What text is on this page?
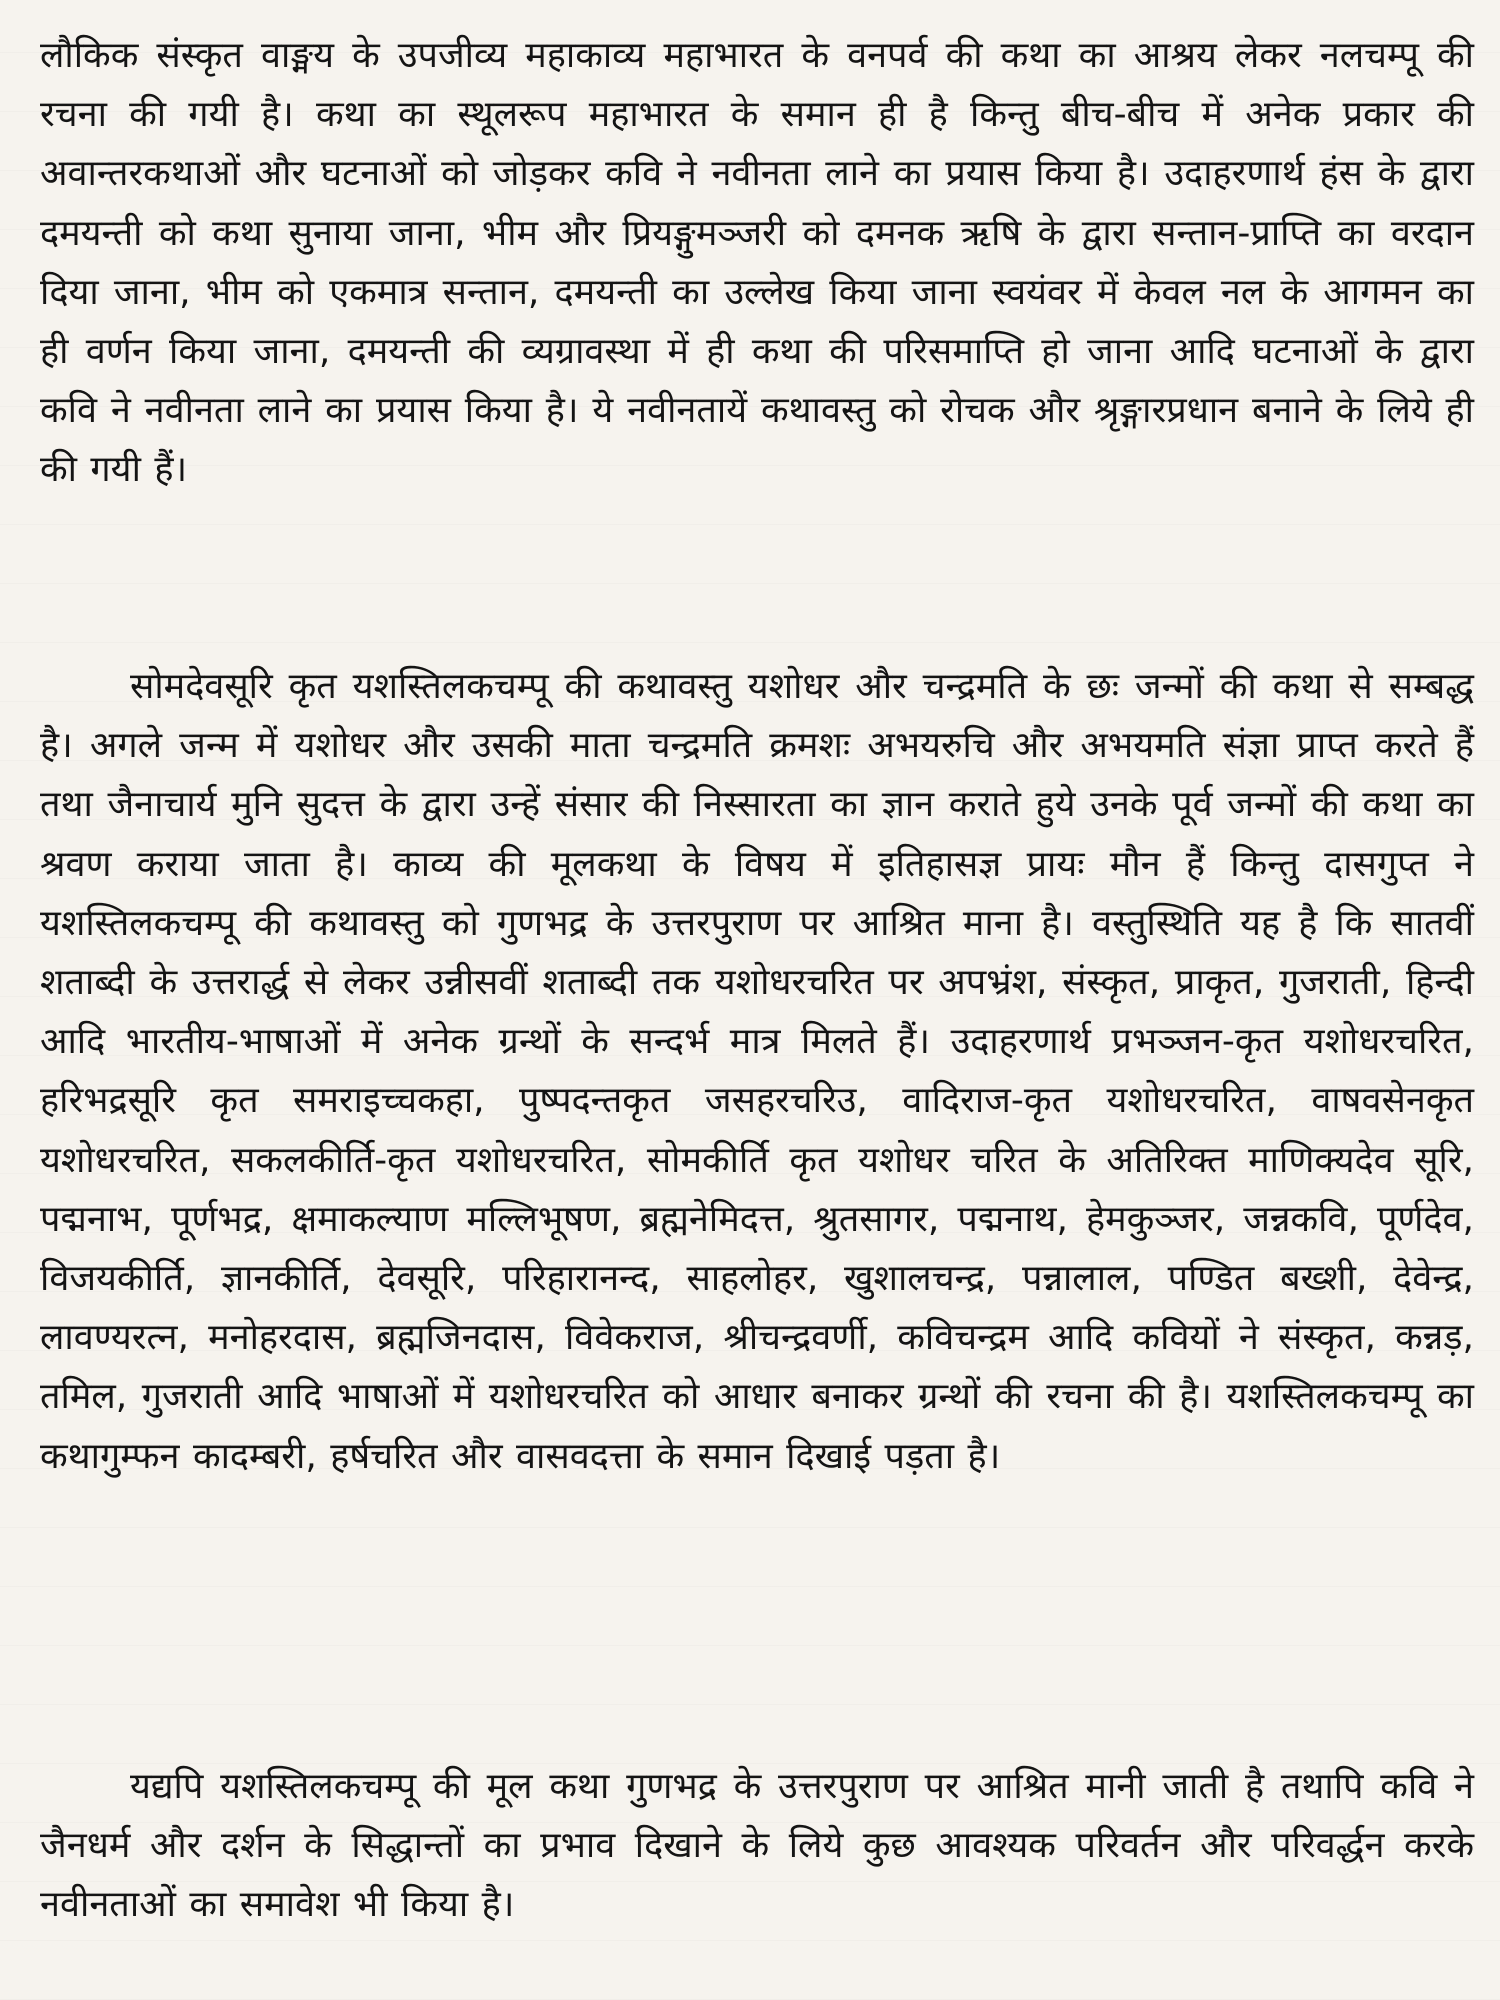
लौकिक संस्कृत वाङ्मय के उपजीव्य महाकाव्य महाभारत के वनपर्व की कथा का आश्रय लेकर नलचम्पू की रचना की गयी है। कथा का स्थूलरूप महाभारत के समान ही है किन्तु बीच-बीच में अनेक प्रकार की अवान्तरकथाओं और घटनाओं को जोड़कर कवि ने नवीनता लाने का प्रयास किया है। उदाहरणार्थ हंस के द्वारा दमयन्ती को कथा सुनाया जाना, भीम और प्रियङ्गुमञ्जरी को दमनक ऋषि के द्वारा सन्तान-प्राप्ति का वरदान दिया जाना, भीम को एकमात्र सन्तान, दमयन्ती का उल्लेख किया जाना स्वयंवर में केवल नल के आगमन का ही वर्णन किया जाना, दमयन्ती की व्यग्रावस्था में ही कथा की परिसमाप्ति हो जाना आदि घटनाओं के द्वारा कवि ने नवीनता लाने का प्रयास किया है। ये नवीनतायें कथावस्तु को रोचक और श्रृङ्गारप्रधान बनाने के लिये ही की गयी हैं।

सोमदेवसूरि कृत यशस्तिलकचम्पू की कथावस्तु यशोधर और चन्द्रमति के छः जन्मों की कथा से सम्बद्ध है। अगले जन्म में यशोधर और उसकी माता चन्द्रमति क्रमशः अभयरुचि और अभयमति संज्ञा प्राप्त करते हैं तथा जैनाचार्य मुनि सुदत्त के द्वारा उन्हें संसार की निस्सारता का ज्ञान कराते हुये उनके पूर्व जन्मों की कथा का श्रवण कराया जाता है। काव्य की मूलकथा के विषय में इतिहासज्ञ प्रायः मौन हैं किन्तु दासगुप्त ने यशस्तिलकचम्पू की कथावस्तु को गुणभद्र के उत्तरपुराण पर आश्रित माना है। वस्तुस्थिति यह है कि सातवीं शताब्दी के उत्तरार्द्ध से लेकर उन्नीसवीं शताब्दी तक यशोधरचरित पर अपभ्रंश, संस्कृत, प्राकृत, गुजराती, हिन्दी आदि भारतीय-भाषाओं में अनेक ग्रन्थों के सन्दर्भ मात्र मिलते हैं। उदाहरणार्थ प्रभञ्जन-कृत यशोधरचरित, हरिभद्रसूरि कृत समराइच्चकहा, पुष्पदन्तकृत जसहरचरिउ, वादिराज-कृत यशोधरचरित, वाषवसेनकृत यशोधरचरित, सकलकीर्ति-कृत यशोधरचरित, सोमकीर्ति कृत यशोधर चरित के अतिरिक्त माणिक्यदेव सूरि, पद्मनाभ, पूर्णभद्र, क्षमाकल्याण मल्लिभूषण, ब्रह्मनेमिदत्त, श्रुतसागर, पद्मनाथ, हेमकुञ्जर, जन्नकवि, पूर्णदेव, विजयकीर्ति, ज्ञानकीर्ति, देवसूरि, परिहारानन्द, साहलोहर, खुशालचन्द्र, पन्नालाल, पण्डित बख्शी, देवेन्द्र, लावण्यरत्न, मनोहरदास, ब्रह्मजिनदास, विवेकराज, श्रीचन्द्रवर्णी, कविचन्द्रम आदि कवियों ने संस्कृत, कन्नड़, तमिल, गुजराती आदि भाषाओं में यशोधरचरित को आधार बनाकर ग्रन्थों की रचना की है। यशस्तिलकचम्पू का कथागुम्फन कादम्बरी, हर्षचरित और वासवदत्ता के समान दिखाई पड़ता है।

यद्यपि यशस्तिलकचम्पू की मूल कथा गुणभद्र के उत्तरपुराण पर आश्रित मानी जाती है तथापि कवि ने जैनधर्म और दर्शन के सिद्धान्तों का प्रभाव दिखाने के लिये कुछ आवश्यक परिवर्तन और परिवर्द्धन करके नवीनताओं का समावेश भी किया है।
